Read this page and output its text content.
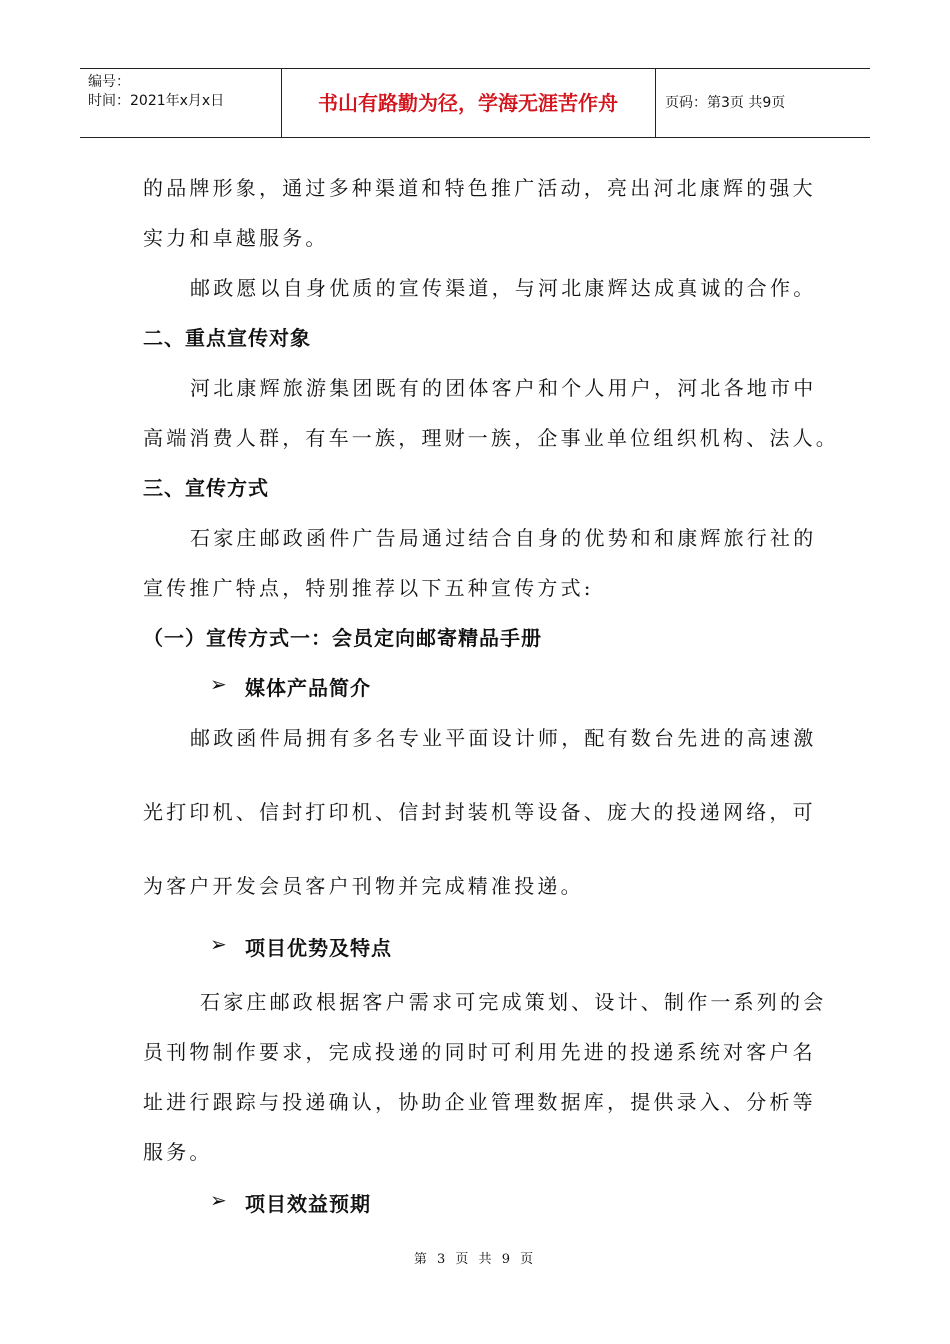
编号：
时间：2021年x月x日	书山有路勤为径，学海无涯苦作舟	页码：第3页 共9页
的品牌形象，通过多种渠道和特色推广活动，亮出河北康辉的强大
实力和卓越服务。
邮政愿以自身优质的宣传渠道，与河北康辉达成真诚的合作。
二、重点宣传对象
河北康辉旅游集团既有的团体客户和个人用户，河北各地市中
高端消费人群，有车一族，理财一族，企事业单位组织机构、法人。
三、宣传方式
石家庄邮政函件广告局通过结合自身的优势和和康辉旅行社的
宣传推广特点，特别推荐以下五种宣传方式:
（一）宣传方式一：会员定向邮寄精品手册
➢ 媒体产品简介
邮政函件局拥有多名专业平面设计师，配有数台先进的高速激
光打印机、信封打印机、信封封装机等设备、庞大的投递网络，可
为客户开发会员客户刊物并完成精准投递。
➢ 项目优势及特点
石家庄邮政根据客户需求可完成策划、设计、制作一系列的会
员刊物制作要求，完成投递的同时可利用先进的投递系统对客户名
址进行跟踪与投递确认，协助企业管理数据库，提供录入、分析等
服务。
➢ 项目效益预期
第 3 页 共 9 页
